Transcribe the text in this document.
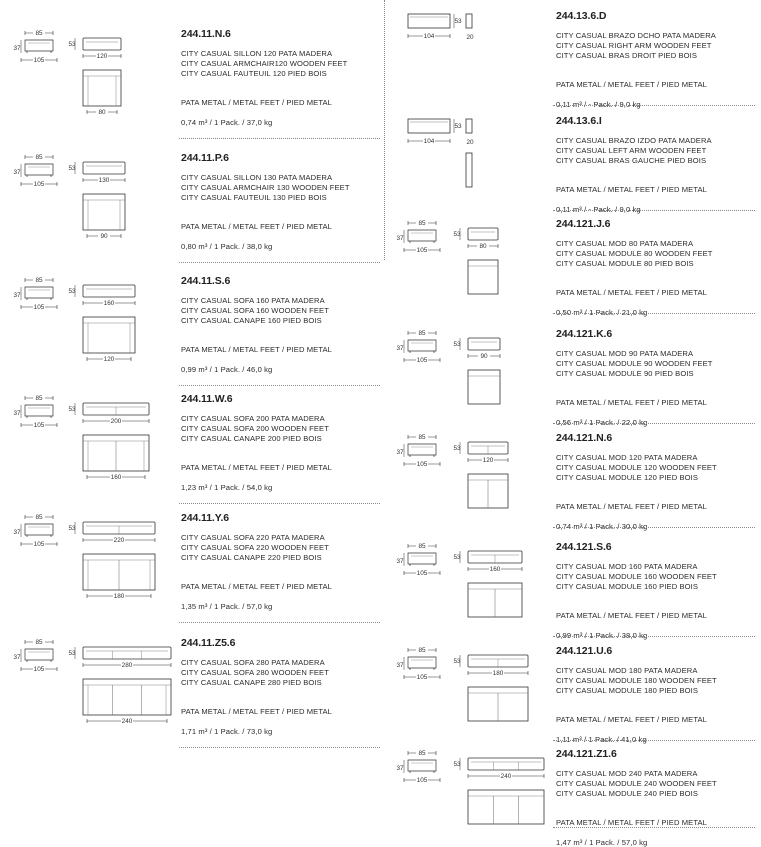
85
105
37
53
120
80
244.11.N.6
CITY CASUAL SILLON 120 PATA MADERA
CITY CASUAL ARMCHAIR120 WOODEN FEET
CITY CASUAL FAUTEUIL 120 PIED BOIS
PATA METAL / METAL FEET / PIED METAL
0,74 m³ / 1 Pack. / 37,0 kg
85
105
37
53
130
90
244.11.P.6
CITY CASUAL SILLON 130 PATA MADERA
CITY CASUAL ARMCHAIR 130 WOODEN FEET
CITY CASUAL FAUTEUIL 130 PIED BOIS
PATA METAL / METAL FEET / PIED METAL
0,80 m³ / 1 Pack. / 38,0 kg
85
105
37
53
160
120
244.11.S.6
CITY CASUAL SOFA 160 PATA MADERA
CITY CASUAL SOFA 160 WOODEN FEET
CITY CASUAL CANAPE 160 PIED BOIS
PATA METAL / METAL FEET / PIED METAL
0,99 m³ / 1 Pack. / 46,0 kg
85
105
37
53
200
160
244.11.W.6
CITY CASUAL SOFA 200 PATA MADERA
CITY CASUAL SOFA 200 WOODEN FEET
CITY CASUAL CANAPE 200 PIED BOIS
PATA METAL / METAL FEET / PIED METAL
1,23 m³ / 1 Pack. / 54,0 kg
85
105
37
53
220
180
244.11.Y.6
CITY CASUAL SOFA 220 PATA MADERA
CITY CASUAL SOFA 220 WOODEN FEET
CITY CASUAL CANAPE 220 PIED BOIS
PATA METAL / METAL FEET / PIED METAL
1,35 m³ / 1 Pack. / 57,0 kg
85
105
37
53
280
240
244.11.Z5.6
CITY CASUAL SOFA 280 PATA MADERA
CITY CASUAL SOFA 280 WOODEN FEET
CITY CASUAL CANAPE 280 PIED BOIS
PATA METAL / METAL FEET / PIED METAL
1,71 m³ / 1 Pack. / 73,0 kg
53
104	20
244.13.6.D
CITY CASUAL BRAZO DCHO PATA MADERA
CITY CASUAL RIGHT ARM WOODEN FEET
CITY CASUAL BRAS DROIT PIED BOIS
PATA METAL / METAL FEET / PIED METAL
0,11 m³ / - Pack. / 9,0 kg
53
104	20
244.13.6.I
CITY CASUAL BRAZO IZDO PATA MADERA
CITY CASUAL LEFT ARM WOODEN FEET
CITY CASUAL BRAS GAUCHE PIED BOIS
PATA METAL / METAL FEET / PIED METAL
0,11 m³ / - Pack. / 9,0 kg
85
105
37
53
80
244.121.J.6
CITY CASUAL MOD 80 PATA MADERA
CITY CASUAL MODULE 80 WOODEN FEET
CITY CASUAL MODULE 80 PIED BOIS
PATA METAL / METAL FEET / PIED METAL
0,50 m³ / 1 Pack. / 21,0 kg
85
105
37
53
90
244.121.K.6
CITY CASUAL MOD 90 PATA MADERA
CITY CASUAL MODULE 90 WOODEN FEET
CITY CASUAL MODULE 90 PIED BOIS
PATA METAL / METAL FEET / PIED METAL
0,56 m³ / 1 Pack. / 22,0 kg
85
105
37
53
120
244.121.N.6
CITY CASUAL MOD 120 PATA MADERA
CITY CASUAL MODULE 120 WOODEN FEET
CITY CASUAL MODULE 120 PIED BOIS
PATA METAL / METAL FEET / PIED METAL
0,74 m³ / 1 Pack. / 30,0 kg
85
105
37
53
160
244.121.S.6
CITY CASUAL MOD 160 PATA MADERA
CITY CASUAL MODULE 160 WOODEN FEET
CITY CASUAL MODULE 160 PIED BOIS
PATA METAL / METAL FEET / PIED METAL
0,99 m³ / 1 Pack. / 38,0 kg
85
105
37
53
180
244.121.U.6
CITY CASUAL MOD 180 PATA MADERA
CITY CASUAL MODULE 180 WOODEN FEET
CITY CASUAL MODULE 180 PIED BOIS
PATA METAL / METAL FEET / PIED METAL
1,11 m³ / 1 Pack. / 41,0 kg
85
105
37
53
240
244.121.Z1.6
CITY CASUAL MOD 240 PATA MADERA
CITY CASUAL MODULE 240 WOODEN FEET
CITY CASUAL MODULE 240 PIED BOIS
PATA METAL / METAL FEET / PIED METAL
1,47 m³ / 1 Pack. / 57,0 kg
